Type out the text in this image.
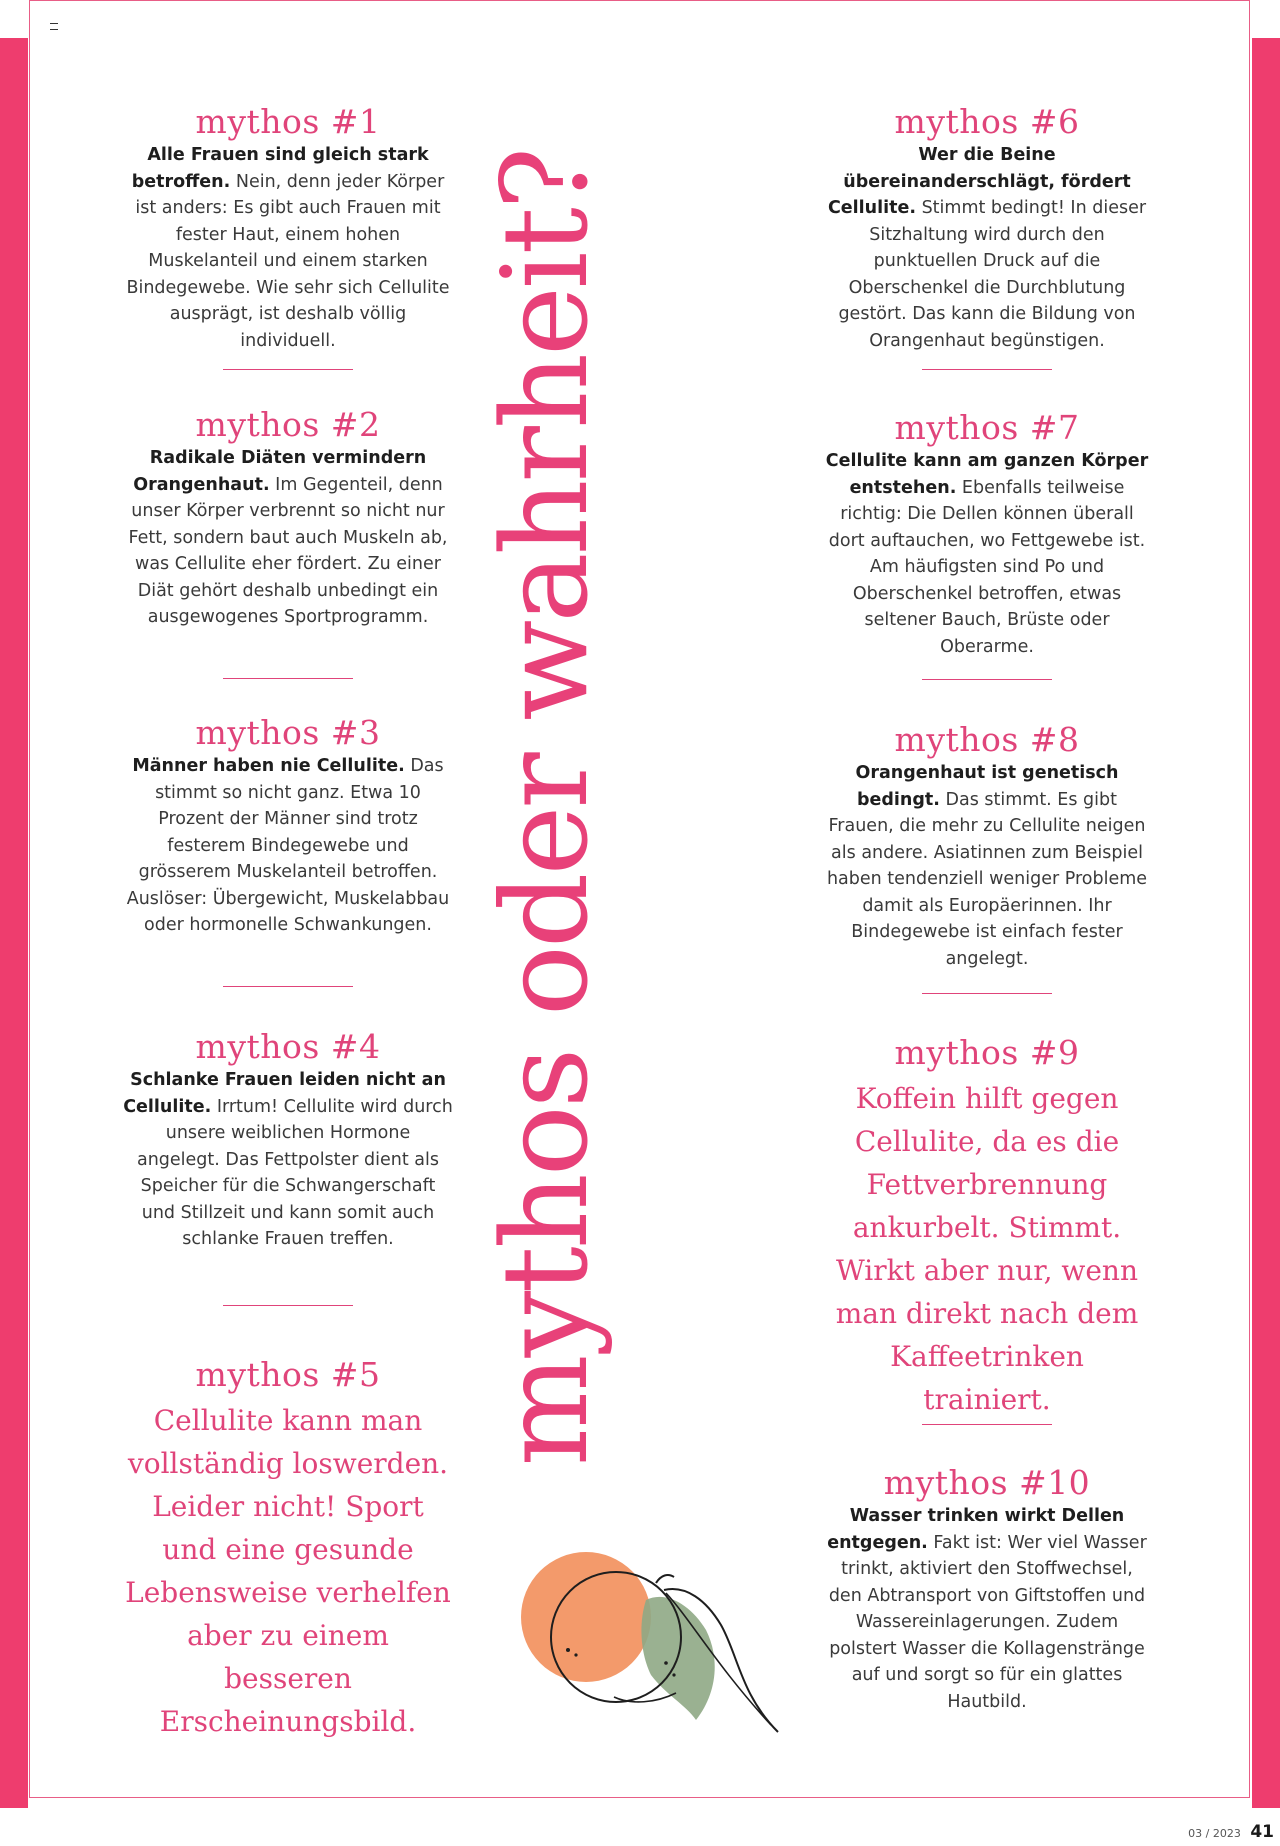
mythos #1
Alle Frauen sind gleich stark betroffen. Nein, denn jeder Körper ist anders: Es gibt auch Frauen mit fester Haut, einem hohen Muskelanteil und einem starken Bindegewebe. Wie sehr sich Cellulite ausprägt, ist deshalb völlig individuell.
mythos #2
Radikale Diäten vermindern Orangenhaut. Im Gegenteil, denn unser Körper verbrennt so nicht nur Fett, sondern baut auch Muskeln ab, was Cellulite eher fördert. Zu einer Diät gehört deshalb unbedingt ein ausgewogenes Sportprogramm.
mythos #3
Männer haben nie Cellulite. Das stimmt so nicht ganz. Etwa 10 Prozent der Männer sind trotz festerem Bindegewebe und grösserem Muskelanteil betroffen. Auslöser: Übergewicht, Muskelabbau oder hormonelle Schwankungen.
mythos #4
Schlanke Frauen leiden nicht an Cellulite. Irrtum! Cellulite wird durch unsere weiblichen Hormone angelegt. Das Fettpolster dient als Speicher für die Schwangerschaft und Stillzeit und kann somit auch schlanke Frauen treffen.
mythos #5
Cellulite kann man vollständig loswerden. Leider nicht! Sport und eine gesunde Lebensweise verhelfen aber zu einem besseren Erscheinungsbild.
mythos #6
Wer die Beine übereinanderschlägt, fördert Cellulite. Stimmt bedingt! In dieser Sitzhaltung wird durch den punktuellen Druck auf die Oberschenkel die Durchblutung gestört. Das kann die Bildung von Orangenhaut begünstigen.
mythos #7
Cellulite kann am ganzen Körper entstehen. Ebenfalls teilweise richtig: Die Dellen können überall dort auftauchen, wo Fettgewebe ist. Am häufigsten sind Po und Oberschenkel betroffen, etwas seltener Bauch, Brüste oder Oberarme.
mythos #8
Orangenhaut ist genetisch bedingt. Das stimmt. Es gibt Frauen, die mehr zu Cellulite neigen als andere. Asiatinnen zum Beispiel haben tendenziell weniger Probleme damit als Europäerinnen. Ihr Bindegewebe ist einfach fester angelegt.
mythos #9
Koffein hilft gegen Cellulite, da es die Fettverbrennung ankurbelt. Stimmt. Wirkt aber nur, wenn man direkt nach dem Kaffeetrinken trainiert.
mythos #10
Wasser trinken wirkt Dellen entgegen. Fakt ist: Wer viel Wasser trinkt, aktiviert den Stoffwechsel, den Abtransport von Giftstoffen und Wassereinlagerungen. Zudem polstert Wasser die Kollagenstränge auf und sorgt so für ein glattes Hautbild.
mythos oder wahrheit?
03 / 2023 41
